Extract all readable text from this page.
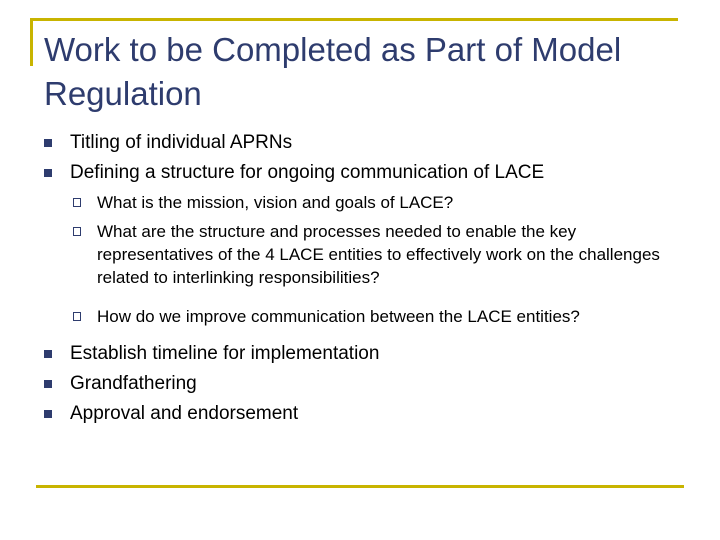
Work to be Completed as Part of Model Regulation
Titling of individual APRNs
Defining a structure for ongoing communication of LACE
What is the mission, vision and goals of LACE?
What are the structure and processes needed to enable the key representatives of the 4 LACE entities to effectively work on the challenges related to interlinking responsibilities?
How do we improve communication between the LACE entities?
Establish timeline for implementation
Grandfathering
Approval and endorsement
